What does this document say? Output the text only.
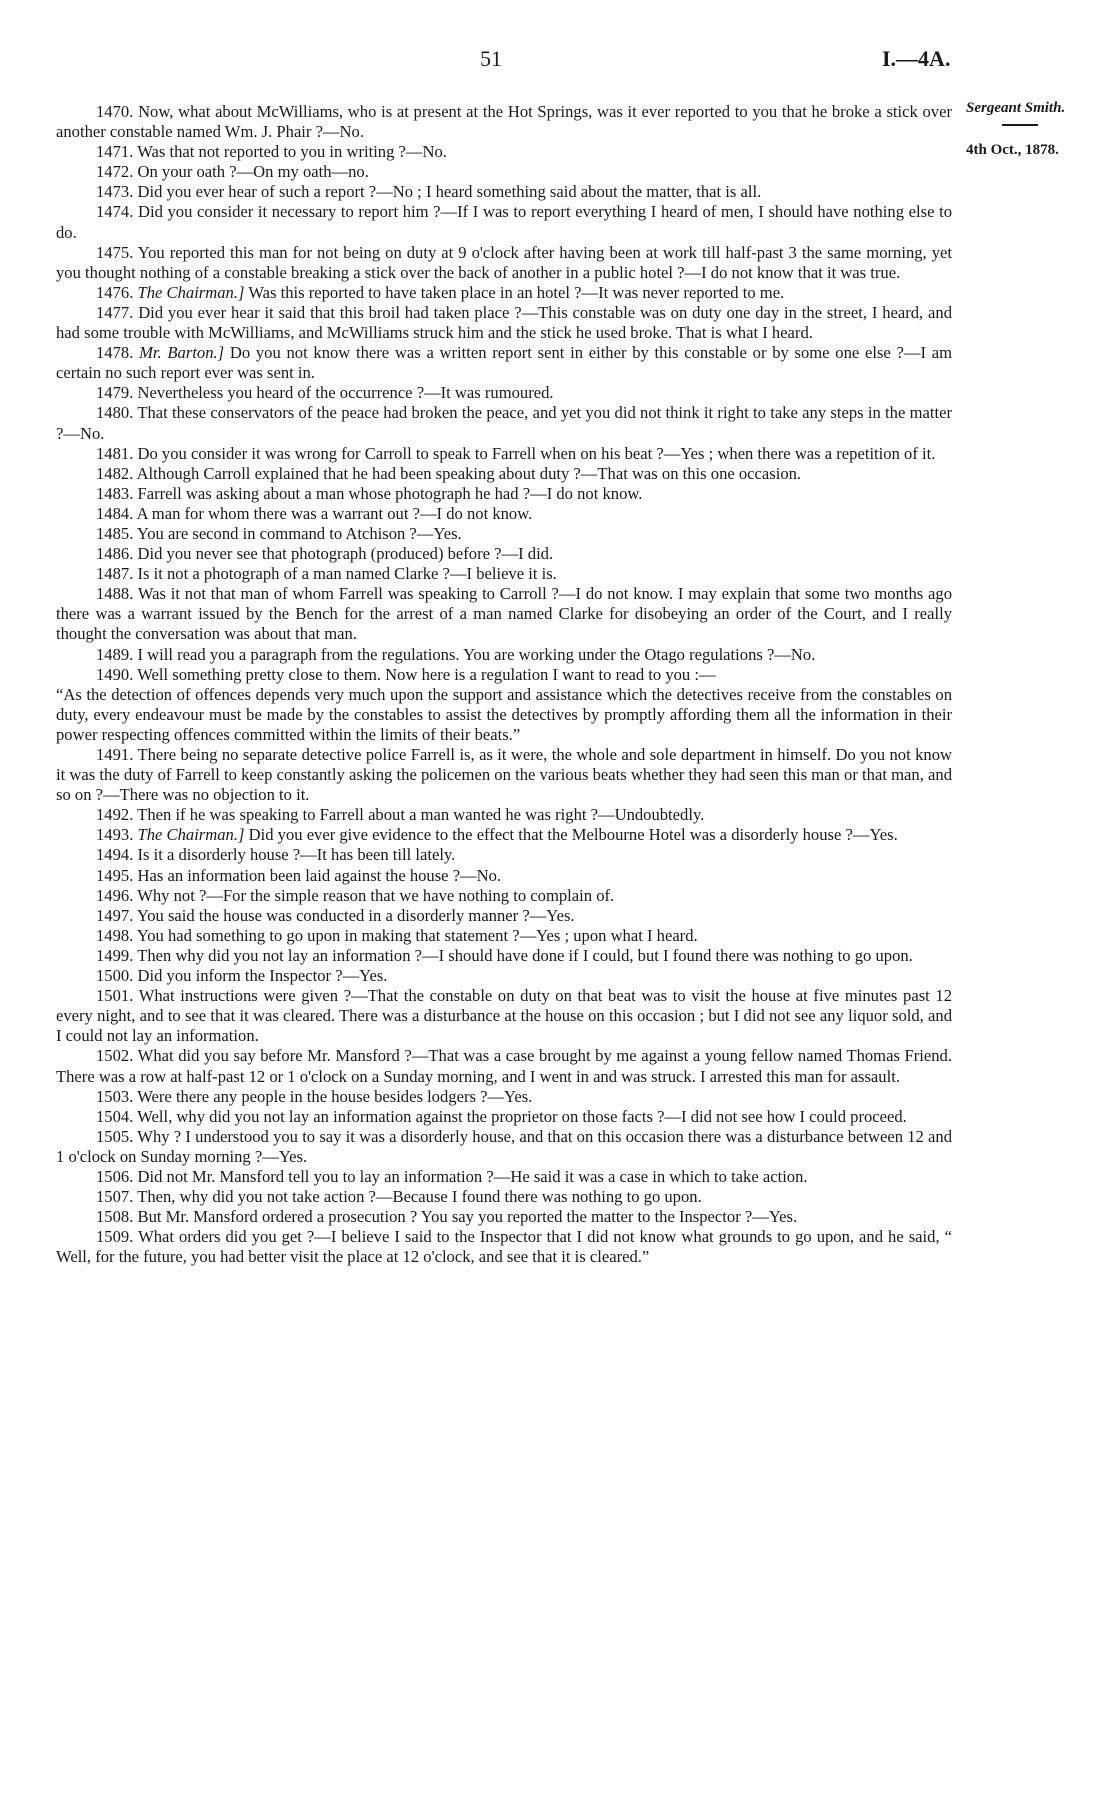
51	I.—4A.
Sergeant Smith.
4th Oct., 1878.

1470. Now, what about McWilliams, who is at present at the Hot Springs, was it ever reported to you that he broke a stick over another constable named Wm. J. Phair ?—No.

1471. Was that not reported to you in writing ?—No.

1472. On your oath ?—On my oath—no.

1473. Did you ever hear of such a report ?—No ; I heard something said about the matter, that is all.

1474. Did you consider it necessary to report him ?—If I was to report everything I heard of men, I should have nothing else to do.

1475. You reported this man for not being on duty at 9 o'clock after having been at work till half-past 3 the same morning, yet you thought nothing of a constable breaking a stick over the back of another in a public hotel ?—I do not know that it was true.

1476. The Chairman.] Was this reported to have taken place in an hotel ?—It was never reported to me.

1477. Did you ever hear it said that this broil had taken place ?—This constable was on duty one day in the street, I heard, and had some trouble with McWilliams, and McWilliams struck him and the stick he used broke. That is what I heard.

1478. Mr. Barton.] Do you not know there was a written report sent in either by this constable or by some one else ?—I am certain no such report ever was sent in.

1479. Nevertheless you heard of the occurrence ?—It was rumoured.

1480. That these conservators of the peace had broken the peace, and yet you did not think it right to take any steps in the matter ?—No.

1481. Do you consider it was wrong for Carroll to speak to Farrell when on his beat ?—Yes ; when there was a repetition of it.

1482. Although Carroll explained that he had been speaking about duty ?—That was on this one occasion.

1483. Farrell was asking about a man whose photograph he had ?—I do not know.

1484. A man for whom there was a warrant out ?—I do not know.

1485. You are second in command to Atchison ?—Yes.

1486. Did you never see that photograph (produced) before ?—I did.

1487. Is it not a photograph of a man named Clarke ?—I believe it is.

1488. Was it not that man of whom Farrell was speaking to Carroll ?—I do not know. I may explain that some two months ago there was a warrant issued by the Bench for the arrest of a man named Clarke for disobeying an order of the Court, and I really thought the conversation was about that man.

1489. I will read you a paragraph from the regulations. You are working under the Otago regulations ?—No.

1490. Well something pretty close to them. Now here is a regulation I want to read to you :—

“As the detection of offences depends very much upon the support and assistance which the detectives receive from the constables on duty, every endeavour must be made by the constables to assist the detectives by promptly affording them all the information in their power respecting offences committed within the limits of their beats.”

1491. There being no separate detective police Farrell is, as it were, the whole and sole department in himself. Do you not know it was the duty of Farrell to keep constantly asking the policemen on the various beats whether they had seen this man or that man, and so on ?—There was no objection to it.

1492. Then if he was speaking to Farrell about a man wanted he was right ?—Undoubtedly.

1493. The Chairman.] Did you ever give evidence to the effect that the Melbourne Hotel was a disorderly house ?—Yes.

1494. Is it a disorderly house ?—It has been till lately.

1495. Has an information been laid against the house ?—No.

1496. Why not ?—For the simple reason that we have nothing to complain of.

1497. You said the house was conducted in a disorderly manner ?—Yes.

1498. You had something to go upon in making that statement ?—Yes ; upon what I heard.

1499. Then why did you not lay an information ?—I should have done if I could, but I found there was nothing to go upon.

1500. Did you inform the Inspector ?—Yes.

1501. What instructions were given ?—That the constable on duty on that beat was to visit the house at five minutes past 12 every night, and to see that it was cleared. There was a disturbance at the house on this occasion ; but I did not see any liquor sold, and I could not lay an information.

1502. What did you say before Mr. Mansford ?—That was a case brought by me against a young fellow named Thomas Friend. There was a row at half-past 12 or 1 o'clock on a Sunday morning, and I went in and was struck. I arrested this man for assault.

1503. Were there any people in the house besides lodgers ?—Yes.

1504. Well, why did you not lay an information against the proprietor on those facts ?—I did not see how I could proceed.

1505. Why ? I understood you to say it was a disorderly house, and that on this occasion there was a disturbance between 12 and 1 o'clock on Sunday morning ?—Yes.

1506. Did not Mr. Mansford tell you to lay an information ?—He said it was a case in which to take action.

1507. Then, why did you not take action ?—Because I found there was nothing to go upon.

1508. But Mr. Mansford ordered a prosecution ? You say you reported the matter to the Inspector ?—Yes.

1509. What orders did you get ?—I believe I said to the Inspector that I did not know what grounds to go upon, and he said, “ Well, for the future, you had better visit the place at 12 o'clock, and see that it is cleared.”
